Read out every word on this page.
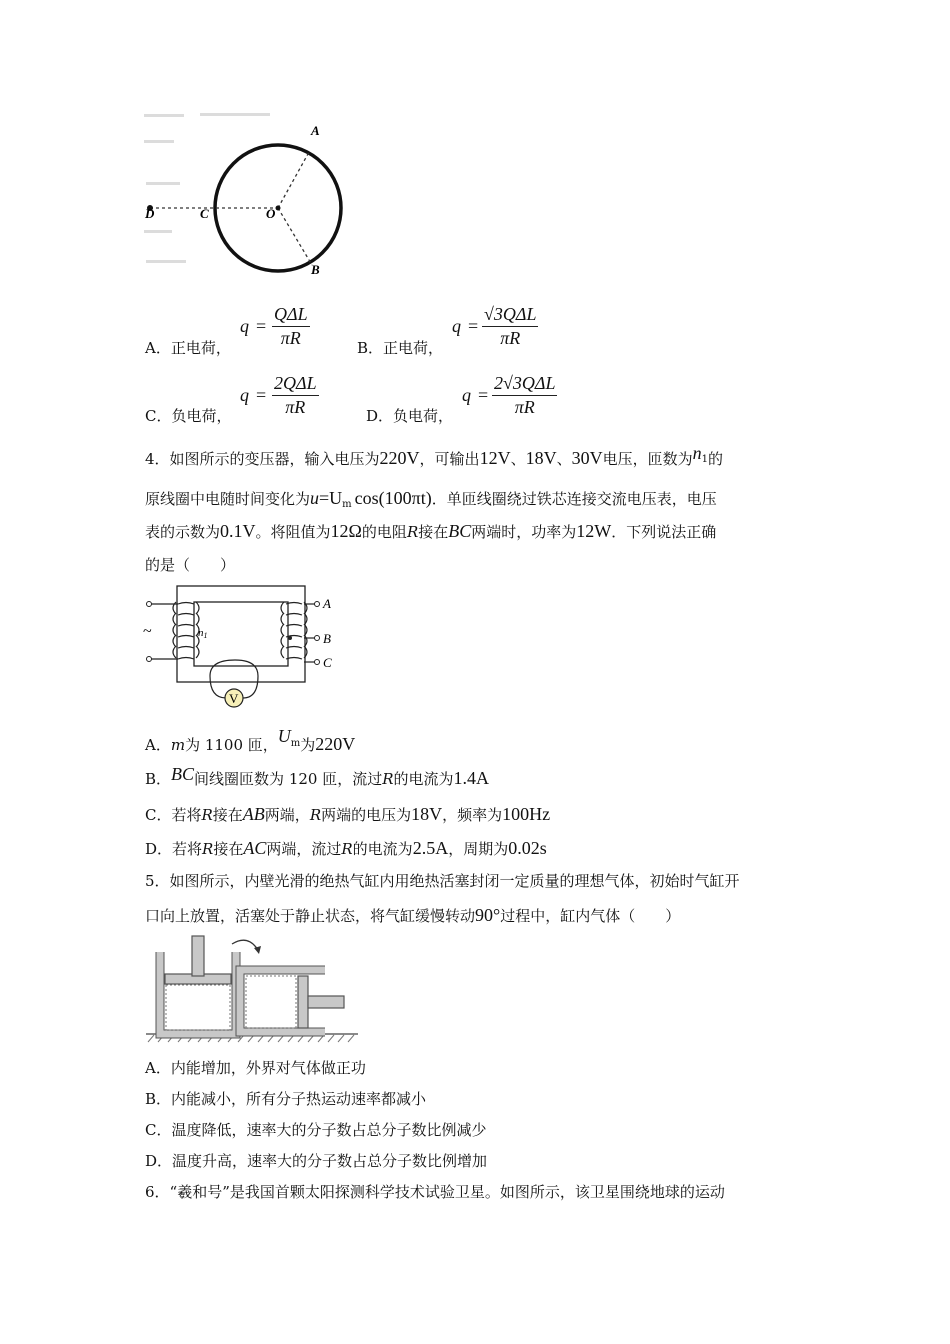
A
B
C
D	O
A．正电荷，
q =
QΔL
πR	B．正电荷，
q =
√3QΔL
πR
C．负电荷，
q =
2QΔL
πR	D．负电荷，
q =
2√3QΔL
πR
4．如图所示的变压器，输入电压为220V，可输出12V、18V、30V电压，匝数为n1的
原线圈中电随时间变化为$u=U_m$ cos(100πt)．单匝线圈绕过铁芯连接交流电压表，电压
表的示数为0.1V。将阻值为12Ω的电阻R接在BC两端时，功率为12W．下列说法正确
的是（　　）
V
~	n1
A
B
C
A．m为 1100 匝，$U^m$为220V
B．BC间线圈匝数为 120 匝，流过R的电流为1.4A
C．若将R接在AB两端，R两端的电压为18V，频率为100Hz
D．若将R接在AC两端，流过R的电流为2.5A，周期为0.02s
5．如图所示，内壁光滑的绝热气缸内用绝热活塞封闭一定质量的理想气体，初始时气缸开
口向上放置，活塞处于静止状态，将气缸缓慢转动90°过程中，缸内气体（　　）
A．内能增加，外界对气体做正功
B．内能减小，所有分子热运动速率都减小
C．温度降低，速率大的分子数占总分子数比例减少
D．温度升高，速率大的分子数占总分子数比例增加
6．“羲和号”是我国首颗太阳探测科学技术试验卫星。如图所示，该卫星围绕地球的运动
